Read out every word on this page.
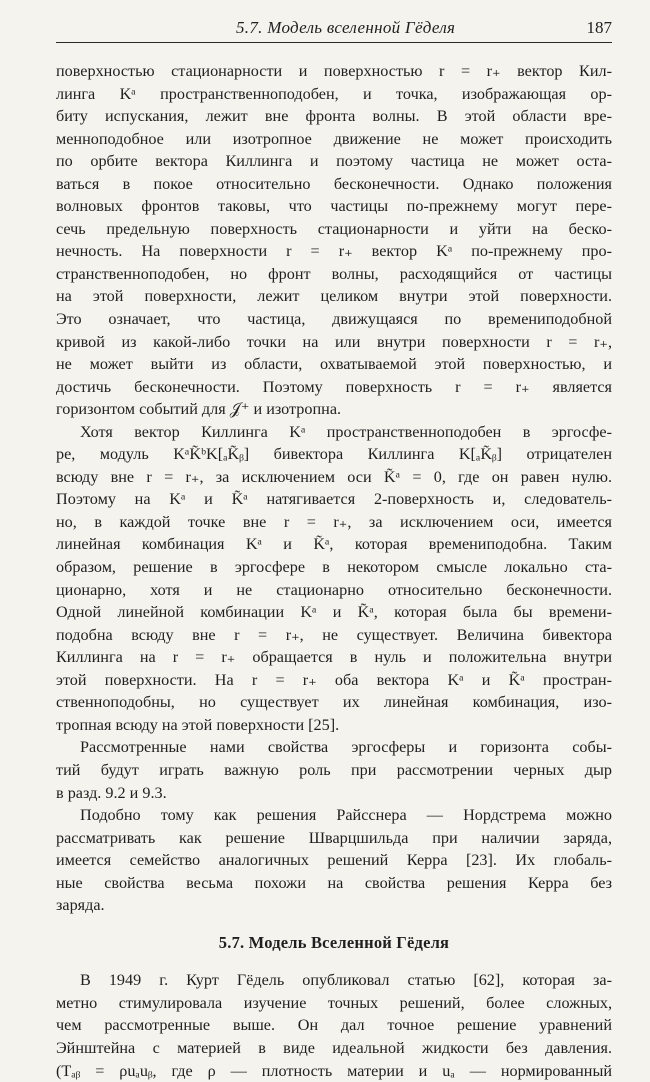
5.7. Модель вселенной Гёделя	187
поверхностью стационарности и поверхностью r = r₊ вектор Кил-
линга Kᵃ пространственноподобен, и точка, изображающая ор-
биту испускания, лежит вне фронта волны. В этой области вре-
менноподобное или изотропное движение не может происходить
по орбите вектора Киллинга и поэтому частица не может оста-
ваться в покое относительно бесконечности. Однако положения
волновых фронтов таковы, что частицы по-прежнему могут пере-
сечь предельную поверхность стационарности и уйти на беско-
нечность. На поверхности r = r₊ вектор Kᵃ по-прежнему про-
странственноподобен, но фронт волны, расходящийся от частицы
на этой поверхности, лежит целиком внутри этой поверхности.
Это означает, что частица, движущаяся по времениподобной
кривой из какой-либо точки на или внутри поверхности r = r₊,
не может выйти из области, охватываемой этой поверхностью, и
достичь бесконечности. Поэтому поверхность r = r₊ является
горизонтом событий для 𝒥⁺ и изотропна.
Хотя вектор Киллинга Kᵃ пространственноподобен в эргосфе-
ре, модуль KᵃK̃ᵇK[ₐK̃ᵦ] бивектора Киллинга K[ₐK̃ᵦ] отрицателен
всюду вне r = r₊, за исключением оси K̃ᵃ = 0, где он равен нулю.
Поэтому на Kᵃ и K̃ᵃ натягивается 2-поверхность и, следователь-
но, в каждой точке вне r = r₊, за исключением оси, имеется
линейная комбинация Kᵃ и K̃ᵃ, которая времениподобна. Таким
образом, решение в эргосфере в некотором смысле локально ста-
ционарно, хотя и не стационарно относительно бесконечности.
Одной линейной комбинации Kᵃ и K̃ᵃ, которая была бы времени-
подобна всюду вне r = r₊, не существует. Величина бивектора
Киллинга на r = r₊ обращается в нуль и положительна внутри
этой поверхности. На r = r₊ оба вектора Kᵃ и K̃ᵃ простран-
ственноподобны, но существует их линейная комбинация, изо-
тропная всюду на этой поверхности [25].
Рассмотренные нами свойства эргосферы и горизонта собы-
тий будут играть важную роль при рассмотрении черных дыр
в разд. 9.2 и 9.3.
Подобно тому как решения Райсснера — Нордстрема можно
рассматривать как решение Шварцшильда при наличии заряда,
имеется семейство аналогичных решений Керра [23]. Их глобаль-
ные свойства весьма похожи на свойства решения Керра без
заряда.
5.7. Модель Вселенной Гёделя
В 1949 г. Курт Гёдель опубликовал статью [62], которая за-
метно стимулировала изучение точных решений, более сложных,
чем рассмотренные выше. Он дал точное решение уравнений
Эйнштейна с материей в виде идеальной жидкости без давления.
(Tₐᵦ = ρuₐuᵦ, где ρ — плотность материи и uₐ — нормированный
